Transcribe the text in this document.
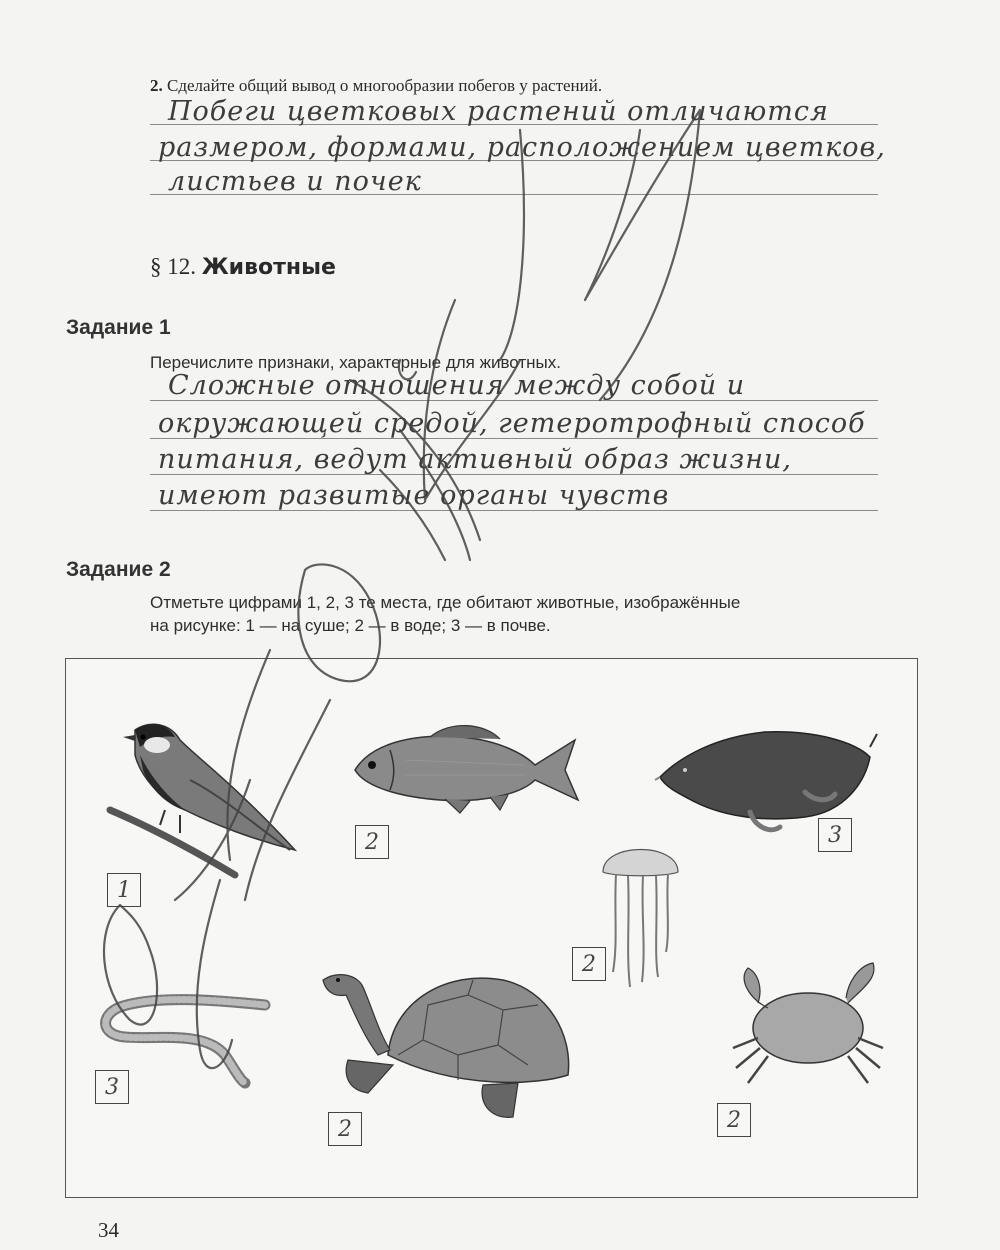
2. Сделайте общий вывод о многообразии побегов у растений.
Побеги цветковых растений отличаются
размером, формами, расположением цветков,
листьев и почек
§ 12. Животные
Задание 1
Перечислите признаки, характерные для животных.
Сложные отношения между собой и
окружающей средой, гетеротрофный способ
питания, ведут активный образ жизни,
имеют развитые органы чувств
Задание 2
Отметьте цифрами 1, 2, 3 те места, где обитают животные, изображённые
на рисунке: 1 — на суше; 2 — в воде; 3 — в почве.
1
2	3
2
3
2	2
34
